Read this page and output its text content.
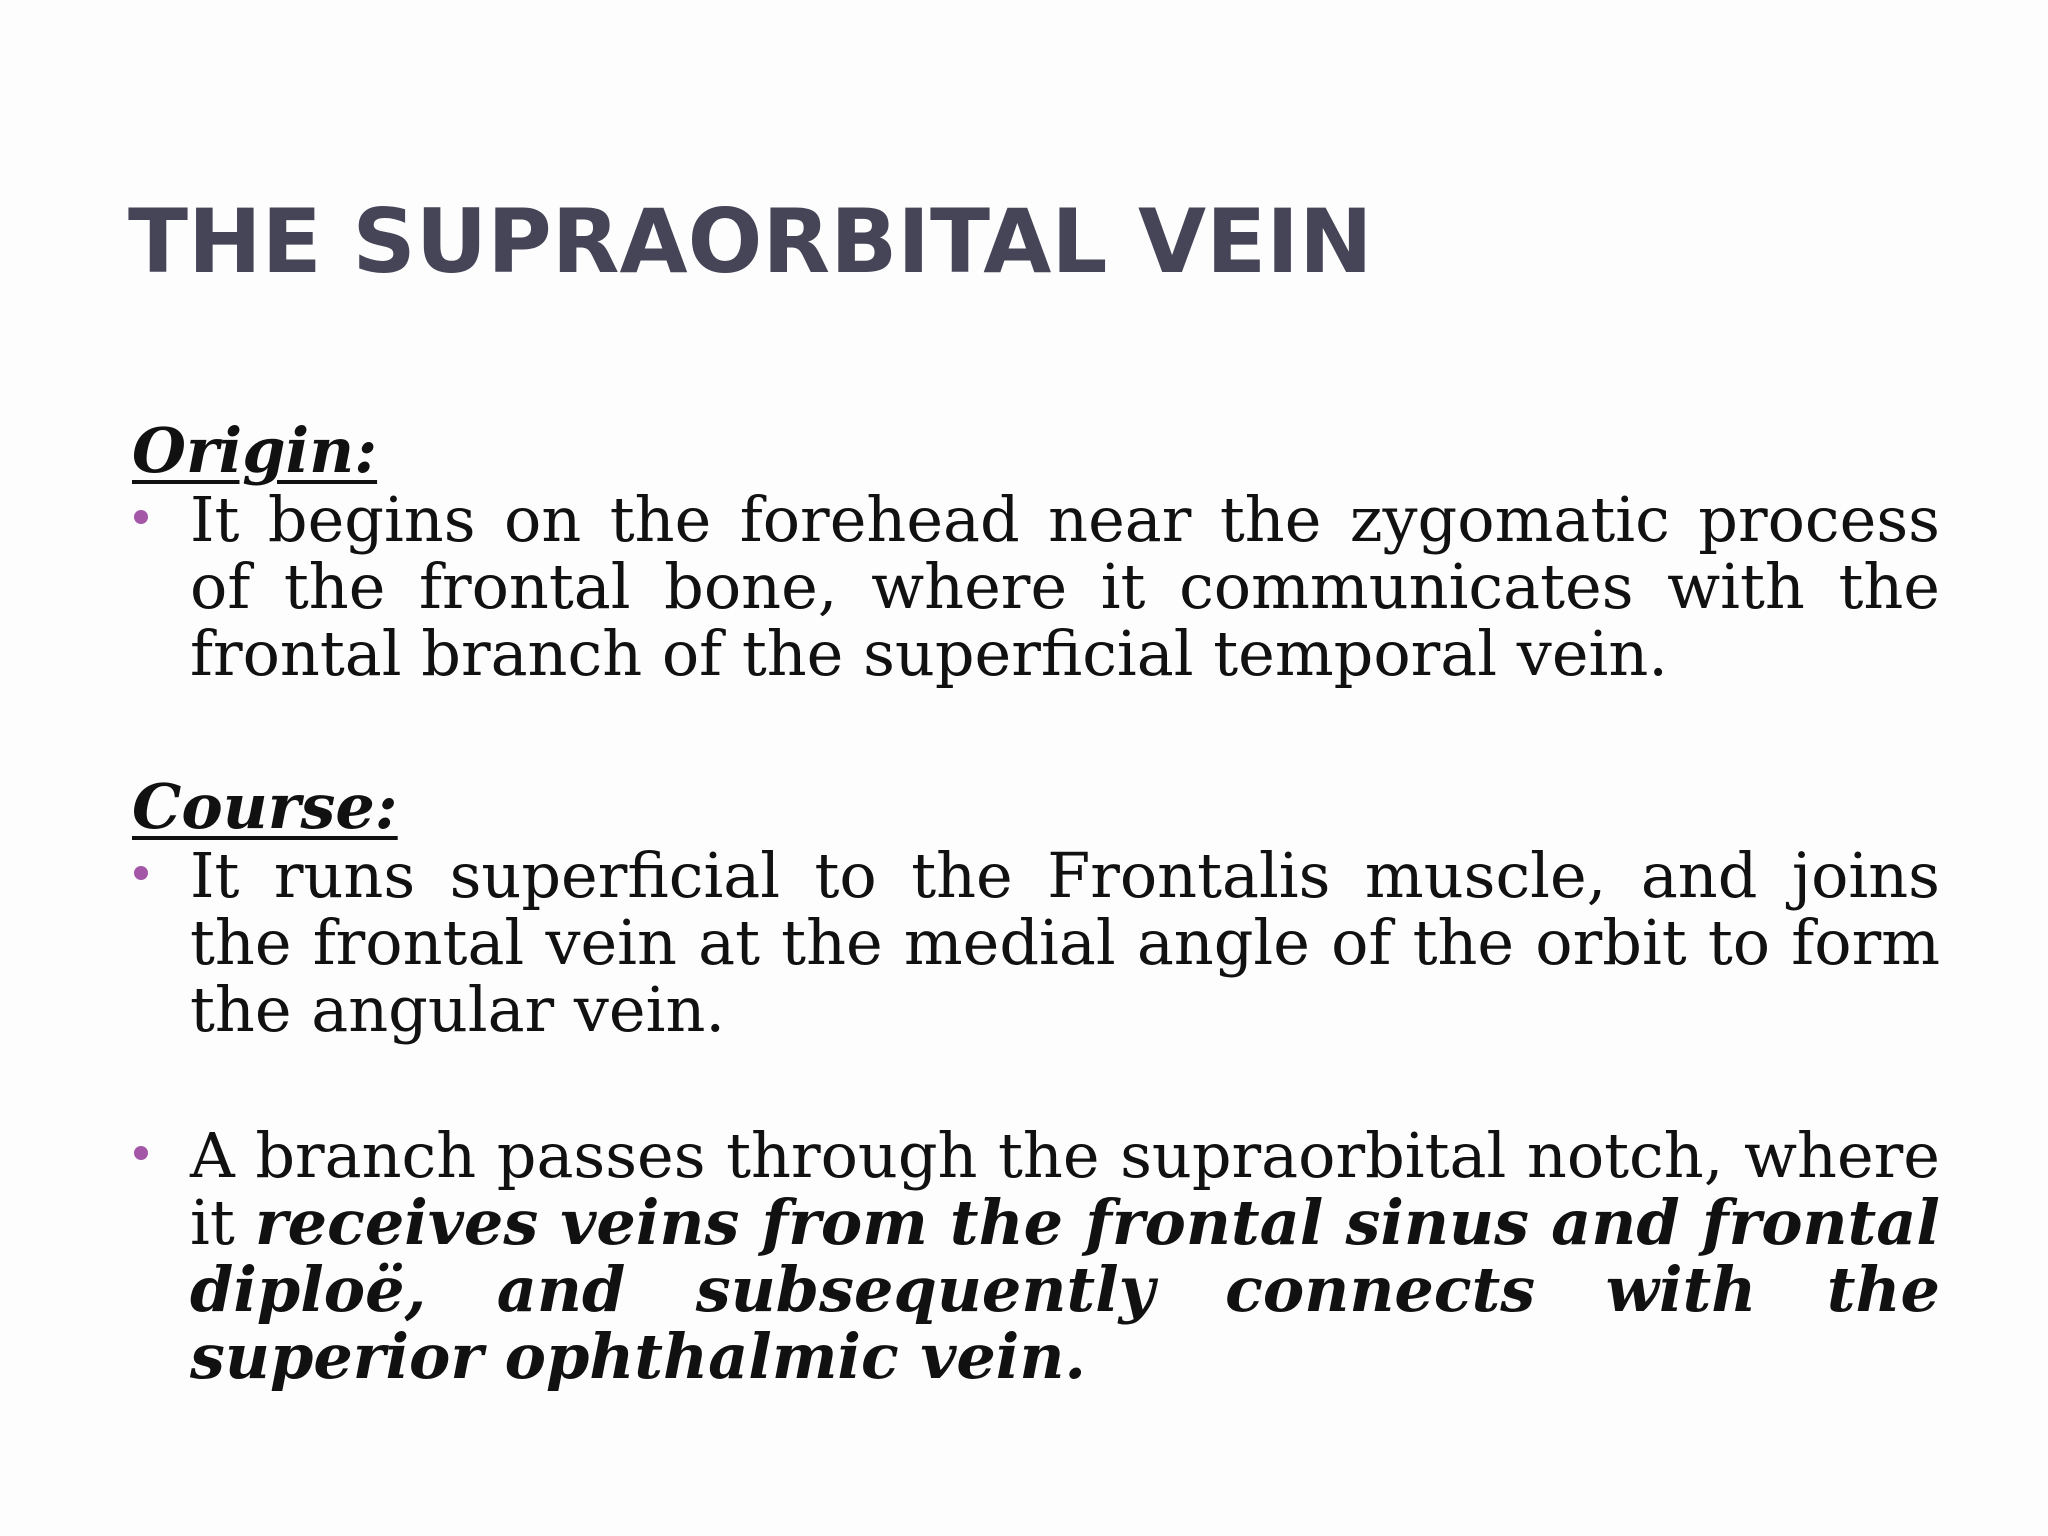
THE SUPRAORBITAL VEIN

Origin:

It begins on the forehead near the zygomatic process of the frontal bone, where it communicates with the frontal branch of the superficial temporal vein.

Course:

It runs superficial to the Frontalis muscle, and joins the frontal vein at the medial angle of the orbit to form the angular vein.

A branch passes through the supraorbital notch, where it receives veins from the frontal sinus and frontal diploë, and subsequently connects with the superior ophthalmic vein.
